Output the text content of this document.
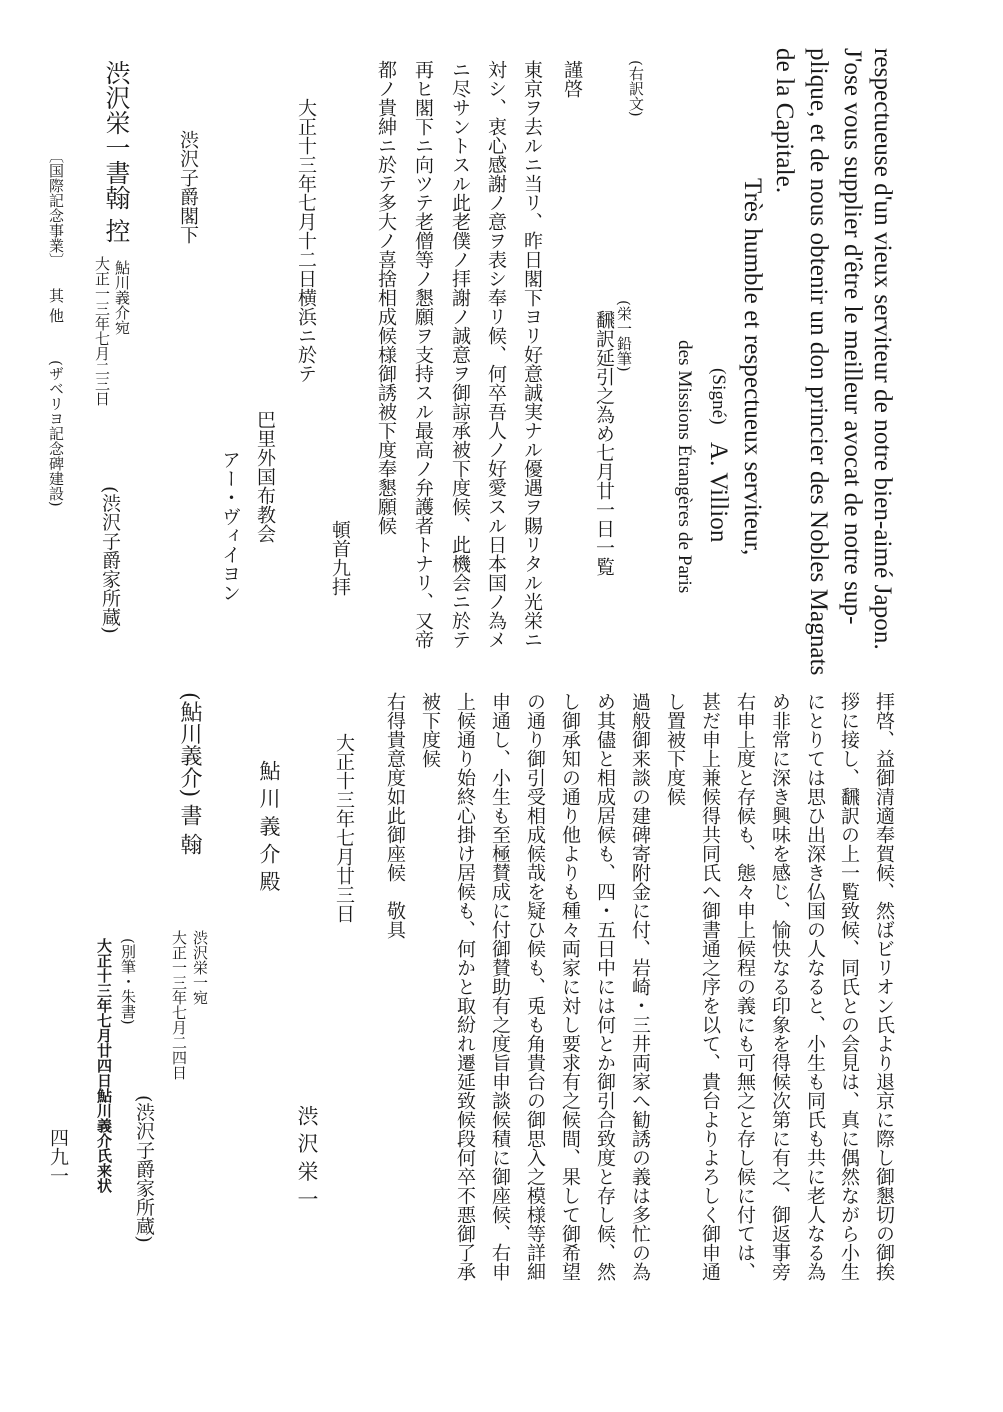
respectueuse d'un vieux serviteur de notre bien-aimé Japon.
J'ose vous supplier d'être le meilleur avocat de notre sup-
plique, et de nous obtenir un don princier des Nobles Magnats
de la Capitale.
Très humble et respectueux serviteur,
(Signé)
A. Villion
des Missions Étrangères de Paris
(栄一鉛筆)
飜訳延引之為め七月廿一日一覧
(右訳文)
謹啓
東京ヲ去ルニ当リ、昨日閣下ヨリ好意誠実ナル優遇ヲ賜リタル光栄ニ
対シ、衷心感謝ノ意ヲ表シ奉リ候、何卒吾人ノ好愛スル日本国ノ為メ
ニ尽サントスル此老僕ノ拝謝ノ誠意ヲ御諒承被下度候、此機会ニ於テ
再ヒ閣下ニ向ツテ老僧等ノ懇願ヲ支持スル最高ノ弁護者トナリ、又帝
都ノ貴紳ニ於テ多大ノ喜捨相成候様御誘被下度奉懇願候
頓首九拝
大正十三年七月十二日横浜ニ於テ
巴里外国布教会
アー・ヴィイヨン
渋沢子爵閣下
渋沢栄一書翰 控
鮎川義介宛
大正一三年七月二三日
(渋沢子爵家所蔵)
〔国際記念事業〕
其 他
(ザベリヨ記念碑建設)
拝啓、益御清適奉賀候、然ばビリオン氏より退京に際し御懇切の御挨
拶に接し、飜訳の上一覧致候、同氏との会見は、真に偶然ながら小生
にとりては思ひ出深き仏国の人なると、小生も同氏も共に老人なる為
め非常に深き興味を感じ、愉快なる印象を得候次第に有之、御返事旁
右申上度と存候も、態々申上候程の義にも可無之と存し候に付ては、
甚だ申上兼候得共同氏へ御書通之序を以て、貴台よりよろしく御申通
し置被下度候
過般御来談の建碑寄附金に付、岩崎・三井両家へ勧誘の義は多忙の為
め其儘と相成居候も、四・五日中には何とか御引合致度と存し候、然
し御承知の通り他よりも種々両家に対し要求有之候間、果して御希望
の通り御引受相成候哉を疑ひ候も、兎も角貴台の御思入之模様等詳細
申通し、小生も至極賛成に付御賛助有之度旨申談候積に御座候、右申
上候通り始終心掛け居候も、何かと取紛れ遷延致候段何卒不悪御了承
被下度候
右得貴意度如此御座候　敬具
大正十三年七月廿三日
渋 沢 栄 一
鮎 川 義 介 殿
(鮎川義介) 書 翰
渋沢栄一宛
大正一三年七月二四日
(渋沢子爵家所蔵)
(別筆・朱書)
大正十三年七月廿四日鮎川義介氏来状
四九一
